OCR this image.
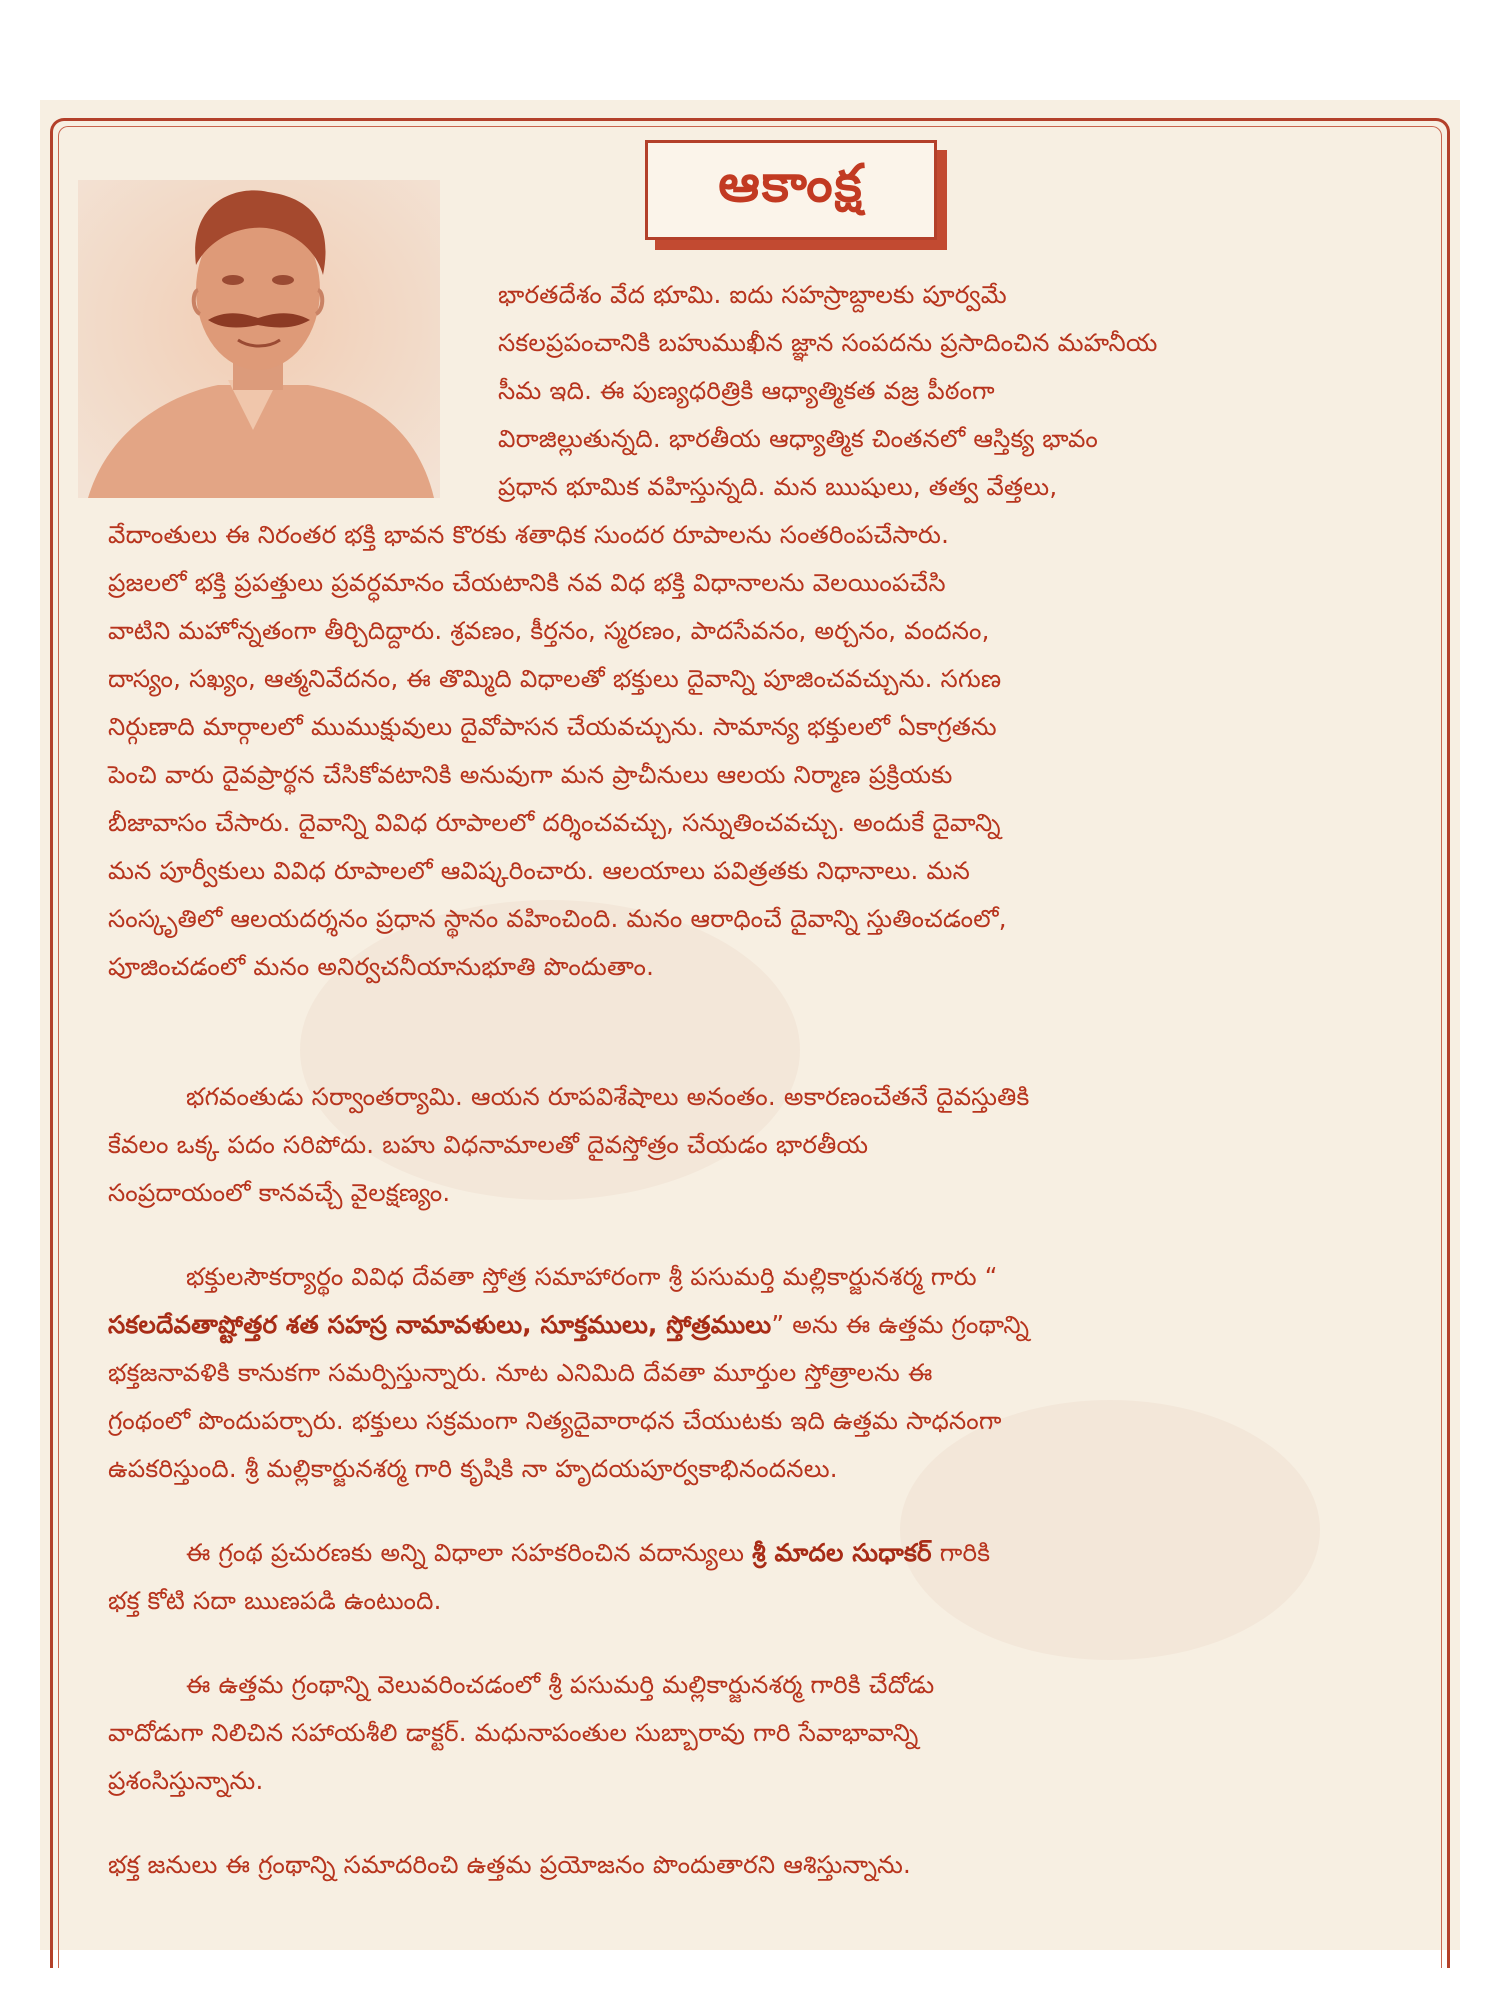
ఆకాంక్ష
portrait photo
భారతదేశం వేద భూమి. ఐదు సహస్రాబ్దాలకు పూర్వమే
సకలప్రపంచానికి బహుముఖీన జ్ఞాన సంపదను ప్రసాదించిన మహనీయ
సీమ ఇది. ఈ పుణ్యధరిత్రికి ఆధ్యాత్మికత వజ్ర పీఠంగా
విరాజిల్లుతున్నది. భారతీయ ఆధ్యాత్మిక చింతనలో ఆస్తిక్య భావం
ప్రధాన భూమిక వహిస్తున్నది. మన ఋషులు, తత్వ వేత్తలు,
వేదాంతులు ఈ నిరంతర భక్తి భావన కొరకు శతాధిక సుందర రూపాలను సంతరింపచేసారు.
ప్రజలలో భక్తి ప్రపత్తులు ప్రవర్ధమానం చేయటానికి నవ విధ భక్తి విధానాలను వెలయింపచేసి
వాటిని మహోన్నతంగా తీర్చిదిద్దారు. శ్రవణం, కీర్తనం, స్మరణం, పాదసేవనం, అర్చనం, వందనం,
దాస్యం, సఖ్యం, ఆత్మనివేదనం, ఈ తొమ్మిది విధాలతో భక్తులు దైవాన్ని పూజించవచ్చును. సగుణ
నిర్గుణాది మార్గాలలో ముముక్షువులు దైవోపాసన చేయవచ్చును. సామాన్య భక్తులలో ఏకాగ్రతను
పెంచి వారు దైవప్రార్థన చేసికోవటానికి అనువుగా మన ప్రాచీనులు ఆలయ నిర్మాణ ప్రక్రియకు
బీజావాసం చేసారు. దైవాన్ని వివిధ రూపాలలో దర్శించవచ్చు, సన్నుతించవచ్చు. అందుకే దైవాన్ని
మన పూర్వీకులు వివిధ రూపాలలో ఆవిష్కరించారు. ఆలయాలు పవిత్రతకు నిధానాలు. మన
సంస్కృతిలో ఆలయదర్శనం ప్రధాన స్థానం వహించింది. మనం ఆరాధించే దైవాన్ని స్తుతించడంలో,
పూజించడంలో మనం అనిర్వచనీయానుభూతి పొందుతాం.
భగవంతుడు సర్వాంతర్యామి. ఆయన రూపవిశేషాలు అనంతం. అకారణంచేతనే దైవస్తుతికి
కేవలం ఒక్క పదం సరిపోదు. బహు విధనామాలతో దైవస్తోత్రం చేయడం భారతీయ
సంప్రదాయంలో కానవచ్చే వైలక్షణ్యం.
భక్తులసౌకర్యార్థం వివిధ దేవతా స్తోత్ర సమాహారంగా శ్రీ పసుమర్తి మల్లికార్జునశర్మ గారు “
సకలదేవతాష్టోత్తర శత సహస్ర నామావళులు, సూక్తములు, స్తోత్రములు” అను ఈ ఉత్తమ గ్రంథాన్ని
భక్తజనావళికి కానుకగా సమర్పిస్తున్నారు. నూట ఎనిమిది దేవతా మూర్తుల స్తోత్రాలను ఈ
గ్రంథంలో పొందుపర్చారు. భక్తులు సక్రమంగా నిత్యదైవారాధన చేయుటకు ఇది ఉత్తమ సాధనంగా
ఉపకరిస్తుంది. శ్రీ మల్లికార్జునశర్మ గారి కృషికి నా హృదయపూర్వకాభినందనలు.
ఈ గ్రంథ ప్రచురణకు అన్ని విధాలా సహకరించిన వదాన్యులు శ్రీ మాదల సుధాకర్ గారికి
భక్త కోటి సదా ఋణపడి ఉంటుంది.
ఈ ఉత్తమ గ్రంథాన్ని వెలువరించడంలో శ్రీ పసుమర్తి మల్లికార్జునశర్మ గారికి చేదోడు
వాదోడుగా నిలిచిన సహాయశీలి డాక్టర్. మధునాపంతుల సుబ్బారావు గారి సేవాభావాన్ని
ప్రశంసిస్తున్నాను.
భక్త జనులు ఈ గ్రంథాన్ని సమాదరించి ఉత్తమ ప్రయోజనం పొందుతారని ఆశిస్తున్నాను.
